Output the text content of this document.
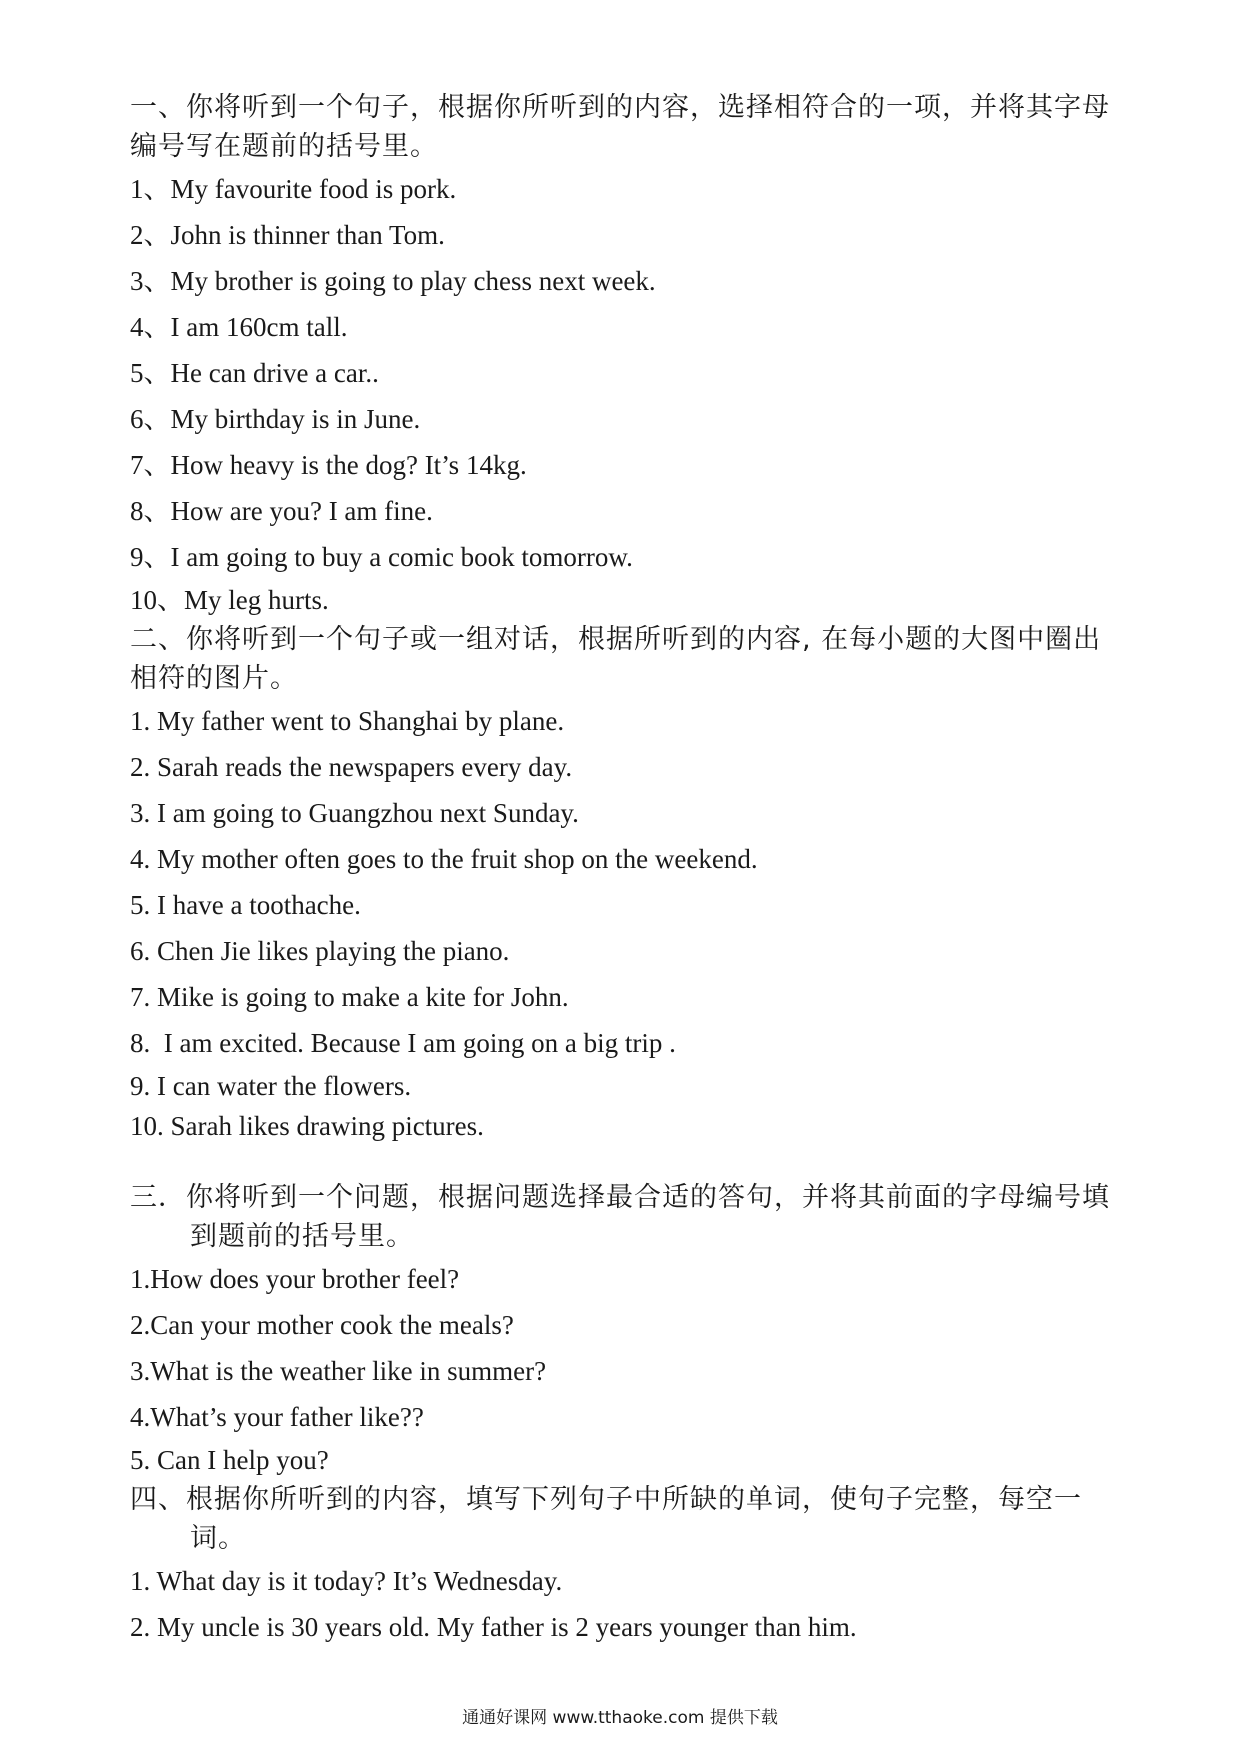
一、你将听到一个句子，根据你所听到的内容，选择相符合的一项，并将其字母编号写在题前的括号里。

1、My favourite food is pork.

2、John is thinner than Tom.

3、My brother is going to play chess next week.

4、I am 160cm tall.

5、He can drive a car..

6、My birthday is in June.

7、How heavy is the dog? It’s 14kg.

8、How are you? I am fine.

9、I am going to buy a comic book tomorrow.

10、My leg hurts.

二、你将听到一个句子或一组对话，根据所听到的内容, 在每小题的大图中圈出相符的图片。

1. My father went to Shanghai by plane.

2. Sarah reads the newspapers every day.

3. I am going to Guangzhou next Sunday.

4. My mother often goes to the fruit shop on the weekend.

5. I have a toothache.

6. Chen Jie likes playing the piano.

7. Mike is going to make a kite for John.

8.  I am excited. Because I am going on a big trip .

9. I can water the flowers.

10. Sarah likes drawing pictures.

三．你将听到一个问题，根据问题选择最合适的答句，并将其前面的字母编号填到题前的括号里。

1.How does your brother feel?

2.Can your mother cook the meals?

3.What is the weather like in summer?

4.What’s your father like??

5. Can I help you?

四、根据你所听到的内容，填写下列句子中所缺的单词，使句子完整，每空一词。

1. What day is it today? It’s Wednesday.

2. My uncle is 30 years old. My father is 2 years younger than him.

通通好课网 www.tthaoke.com 提供下载
